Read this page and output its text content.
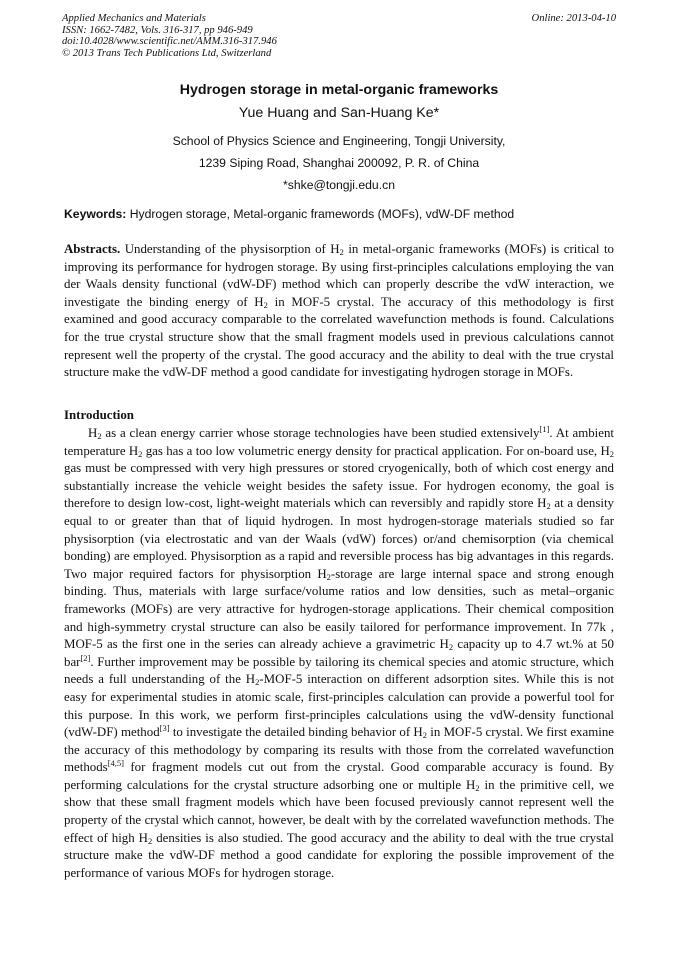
Applied Mechanics and Materials
ISSN: 1662-7482, Vols. 316-317, pp 946-949
doi:10.4028/www.scientific.net/AMM.316-317.946
© 2013 Trans Tech Publications Ltd, Switzerland
Online: 2013-04-10
Hydrogen storage in metal-organic frameworks
Yue Huang and San-Huang Ke*
School of Physics Science and Engineering, Tongji University,
1239 Siping Road, Shanghai 200092, P. R. of China
*shke@tongji.edu.cn
Keywords: Hydrogen storage, Metal-organic framewords (MOFs), vdW-DF method
Abstracts. Understanding of the physisorption of $H_2$ in metal-organic frameworks (MOFs) is critical to improving its performance for hydrogen storage. By using first-principles calculations employing the van der Waals density functional (vdW-DF) method which can properly describe the vdW interaction, we investigate the binding energy of $H_2$ in MOF-5 crystal. The accuracy of this methodology is first examined and good accuracy comparable to the correlated wavefunction methods is found. Calculations for the true crystal structure show that the small fragment models used in previous calculations cannot represent well the property of the crystal. The good accuracy and the ability to deal with the true crystal structure make the vdW-DF method a good candidate for investigating hydrogen storage in MOFs.
Introduction
$H_2$ as a clean energy carrier whose storage technologies have been studied extensively[1]. At ambient temperature $H_2$ gas has a too low volumetric energy density for practical application. For on-board use, $H_2$ gas must be compressed with very high pressures or stored cryogenically, both of which cost energy and substantially increase the vehicle weight besides the safety issue. For hydrogen economy, the goal is therefore to design low-cost, light-weight materials which can reversibly and rapidly store $H_2$ at a density equal to or greater than that of liquid hydrogen. In most hydrogen-storage materials studied so far physisorption (via electrostatic and van der Waals (vdW) forces) or/and chemisorption (via chemical bonding) are employed. Physisorption as a rapid and reversible process has big advantages in this regards. Two major required factors for physisorption $H_2$-storage are large internal space and strong enough binding. Thus, materials with large surface/volume ratios and low densities, such as metal–organic frameworks (MOFs) are very attractive for hydrogen-storage applications. Their chemical composition and high-symmetry crystal structure can also be easily tailored for performance improvement. In 77k , MOF-5 as the first one in the series can already achieve a gravimetric $H_2$ capacity up to 4.7 wt.% at 50 bar[2]. Further improvement may be possible by tailoring its chemical species and atomic structure, which needs a full understanding of the $H_2-MOF-5$ interaction on different adsorption sites. While this is not easy for experimental studies in atomic scale, first-principles calculation can provide a powerful tool for this purpose. In this work, we perform first-principles calculations using the vdW-density functional (vdW-DF) method[3] to investigate the detailed binding behavior of $H_2$ in MOF-5 crystal. We first examine the accuracy of this methodology by comparing its results with those from the correlated wavefunction methods[4,5] for fragment models cut out from the crystal. Good comparable accuracy is found. By performing calculations for the crystal structure adsorbing one or multiple $H_2$ in the primitive cell, we show that these small fragment models which have been focused previously cannot represent well the property of the crystal which cannot, however, be dealt with by the correlated wavefunction methods. The effect of high $H_2$ densities is also studied. The good accuracy and the ability to deal with the true crystal structure make the vdW-DF method a good candidate for exploring the possible improvement of the performance of various MOFs for hydrogen storage.
